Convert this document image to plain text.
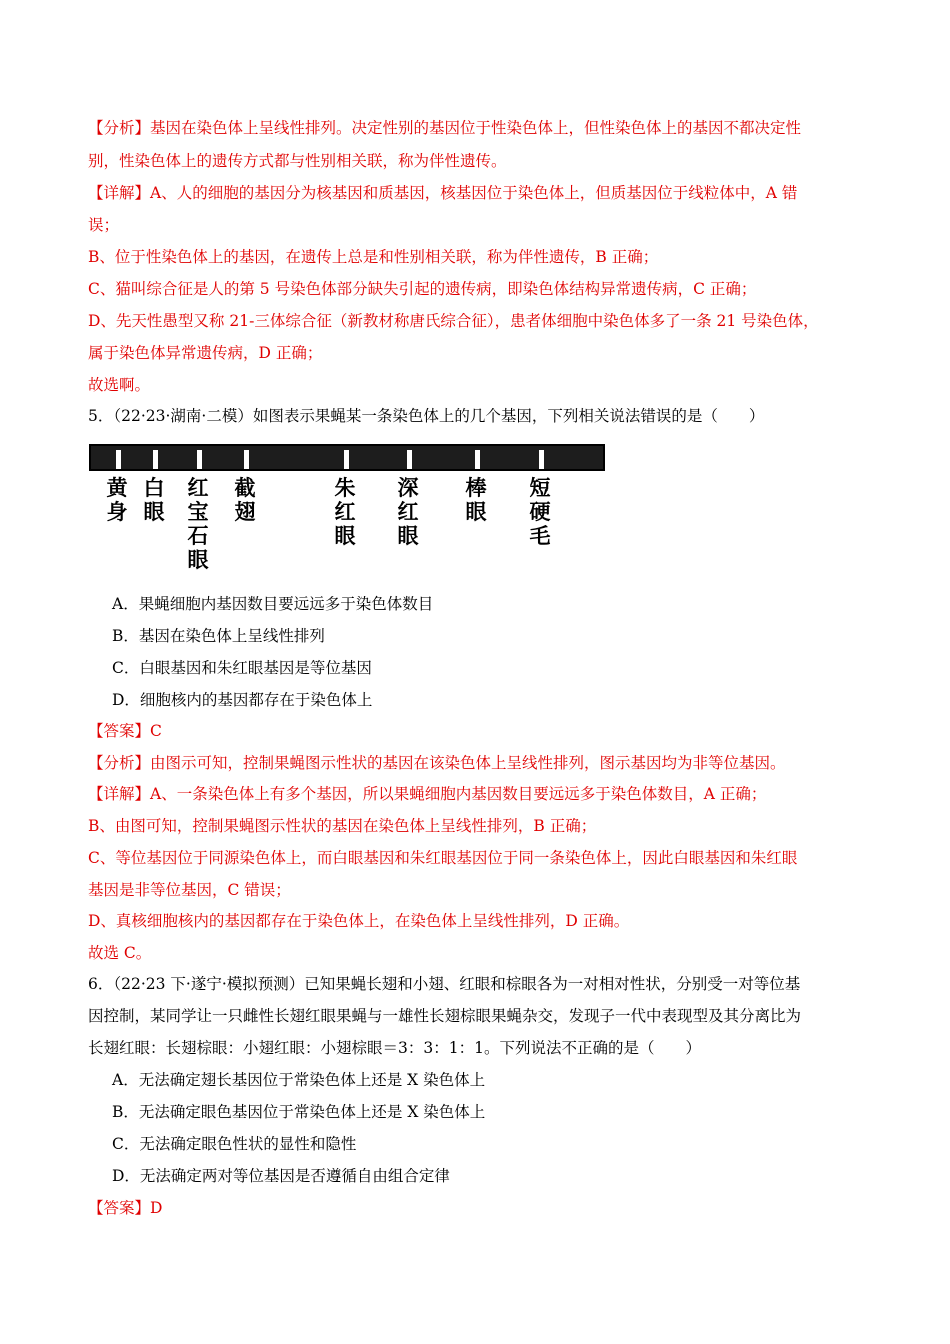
【分析】基因在染色体上呈线性排列。决定性别的基因位于性染色体上，但性染色体上的基因不都决定性
别，性染色体上的遗传方式都与性别相关联，称为伴性遗传。
【详解】A、人的细胞的基因分为核基因和质基因，核基因位于染色体上，但质基因位于线粒体中，A 错
误；
B、位于性染色体上的基因，在遗传上总是和性别相关联，称为伴性遗传，B 正确；
C、猫叫综合征是人的第 5 号染色体部分缺失引起的遗传病，即染色体结构异常遗传病，C 正确；
D、先天性愚型又称 21-三体综合征（新教材称唐氏综合征），患者体细胞中染色体多了一条 21 号染色体，
属于染色体异常遗传病，D 正确；
故选啊。
5．（22·23·湖南·二模）如图表示果蝇某一条染色体上的几个基因，下列相关说法错误的是（　　）
黄
身
白
眼
红
宝
石
眼
截
翅
朱
红
眼
深
红
眼
棒
眼
短
硬
毛
A．果蝇细胞内基因数目要远远多于染色体数目
B．基因在染色体上呈线性排列
C．白眼基因和朱红眼基因是等位基因
D．细胞核内的基因都存在于染色体上
【答案】C
【分析】由图示可知，控制果蝇图示性状的基因在该染色体上呈线性排列，图示基因均为非等位基因。
【详解】A、一条染色体上有多个基因，所以果蝇细胞内基因数目要远远多于染色体数目，A 正确；
B、由图可知，控制果蝇图示性状的基因在染色体上呈线性排列，B 正确；
C、等位基因位于同源染色体上，而白眼基因和朱红眼基因位于同一条染色体上，因此白眼基因和朱红眼
基因是非等位基因，C 错误；
D、真核细胞核内的基因都存在于染色体上，在染色体上呈线性排列，D 正确。
故选 C。
6．（22·23 下·遂宁·模拟预测）已知果蝇长翅和小翅、红眼和棕眼各为一对相对性状，分别受一对等位基
因控制，某同学让一只雌性长翅红眼果蝇与一雄性长翅棕眼果蝇杂交，发现子一代中表现型及其分离比为
长翅红眼：长翅棕眼：小翅红眼：小翅棕眼＝3：3：1：1。下列说法不正确的是（　　）
A．无法确定翅长基因位于常染色体上还是 X 染色体上
B．无法确定眼色基因位于常染色体上还是 X 染色体上
C．无法确定眼色性状的显性和隐性
D．无法确定两对等位基因是否遵循自由组合定律
【答案】D
